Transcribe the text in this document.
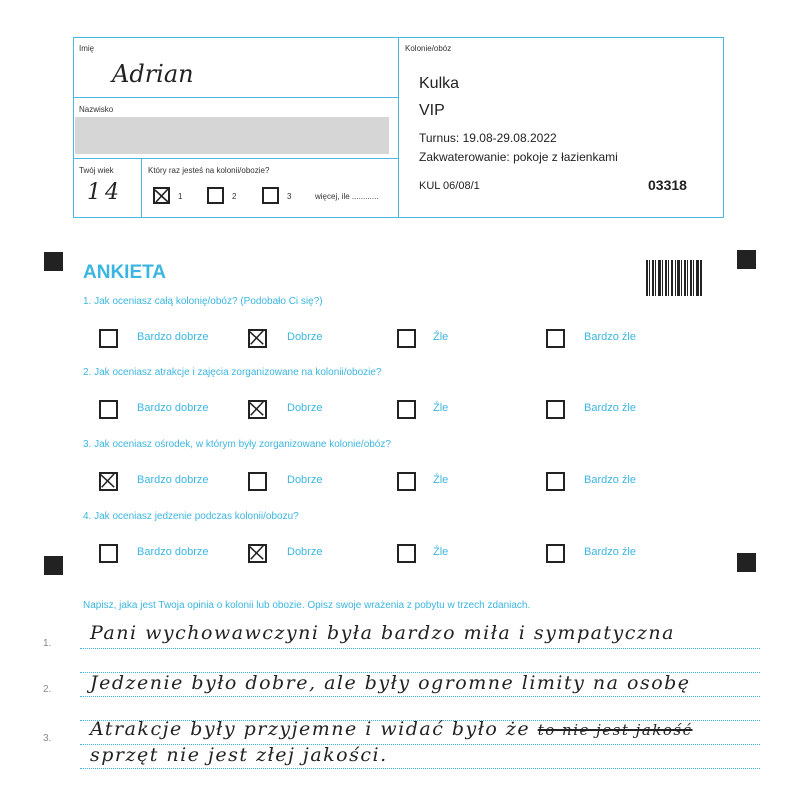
Imię
Adrian
Nazwisko
Twój wiek
14
Który raz jesteś na kolonii/obozie?
1	2	3	więcej, ile ............
Kolonie/obóz
Kulka
VIP
Turnus: 19.08-29.08.2022
Zakwaterowanie: pokoje z łazienkami
KUL 06/08/1	03318
ANKIETA
1. Jak oceniasz całą kolonię/obóz? (Podobało Ci się?)
Bardzo dobrze	Dobrze	Źle	Bardzo źle
2. Jak oceniasz atrakcje i zajęcia zorganizowane na kolonii/obozie?
Bardzo dobrze	Dobrze	Źle	Bardzo źle
3. Jak oceniasz ośrodek, w którym były zorganizowane kolonie/obóz?
Bardzo dobrze	Dobrze	Źle	Bardzo źle
4. Jak oceniasz jedzenie podczas kolonii/obozu?
Bardzo dobrze	Dobrze	Źle	Bardzo źle
Napisz, jaka jest Twoja opinia o kolonii lub obozie. Opisz swoje wrażenia z pobytu w trzech zdaniach.
1.
2.
3.
Pani wychowawczyni była bardzo miła i sympatyczna
Jedzenie było dobre, ale były ogromne limity na osobę
Atrakcje były przyjemne i widać było że to nie jest jakość
sprzęt nie jest złej jakości.
